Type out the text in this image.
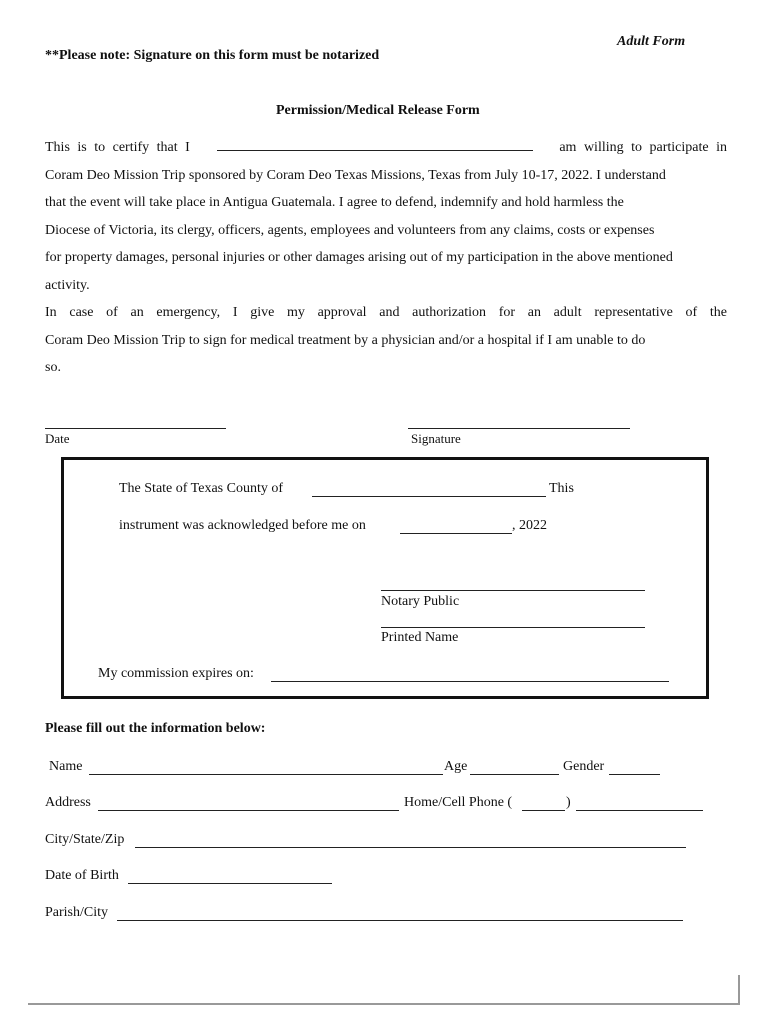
Adult Form
**Please note: Signature on this form must be notarized
Permission/Medical Release Form
This is to certify that I	am willing to participate in
Coram Deo Mission Trip sponsored by Coram Deo Texas Missions, Texas from July 10-17, 2022. I understand
that the event will take place in Antigua Guatemala. I agree to defend, indemnify and hold harmless the
Diocese of Victoria, its clergy, officers, agents, employees and volunteers from any claims, costs or expenses
for property damages, personal injuries or other damages arising out of my participation in the above mentioned
activity.
In case of an emergency, I give my approval and authorization for an adult representative of the
Coram Deo Mission Trip to sign for medical treatment by a physician and/or a hospital if I am unable to do
so.
Date	Signature
The State of Texas County of	This
instrument was acknowledged before me on	, 2022
Notary Public
Printed Name
My commission expires on:
Please fill out the information below:
Name	Age	Gender
Address	Home/Cell Phone (	)
City/State/Zip
Date of Birth
Parish/City
